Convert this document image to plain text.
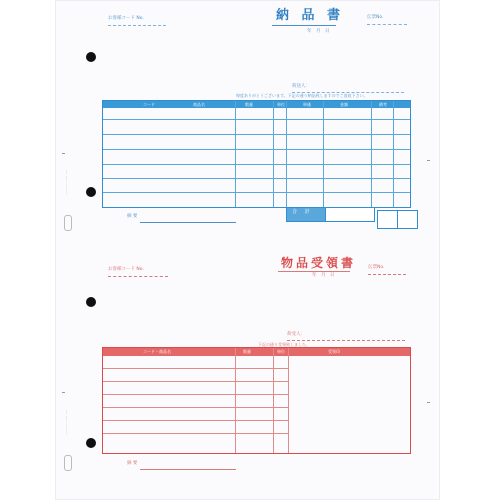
···· ····· ····· ·····
···· ····· ····· ·····
お客様コード No.	納 品 書
年　月　日
伝票No.
荷送人：
毎度ありがとうございます。下記の通り納品致しますのでご査収下さい。
コード	商品名	数量	単位	単価	金額	備考
摘 要
合 計
お客様コード No.	物品受領書
年　月　日
伝票No.
荷受人：
下記の通り受領致しました。
コード・商品名	数量	単位	受領印
摘 要
